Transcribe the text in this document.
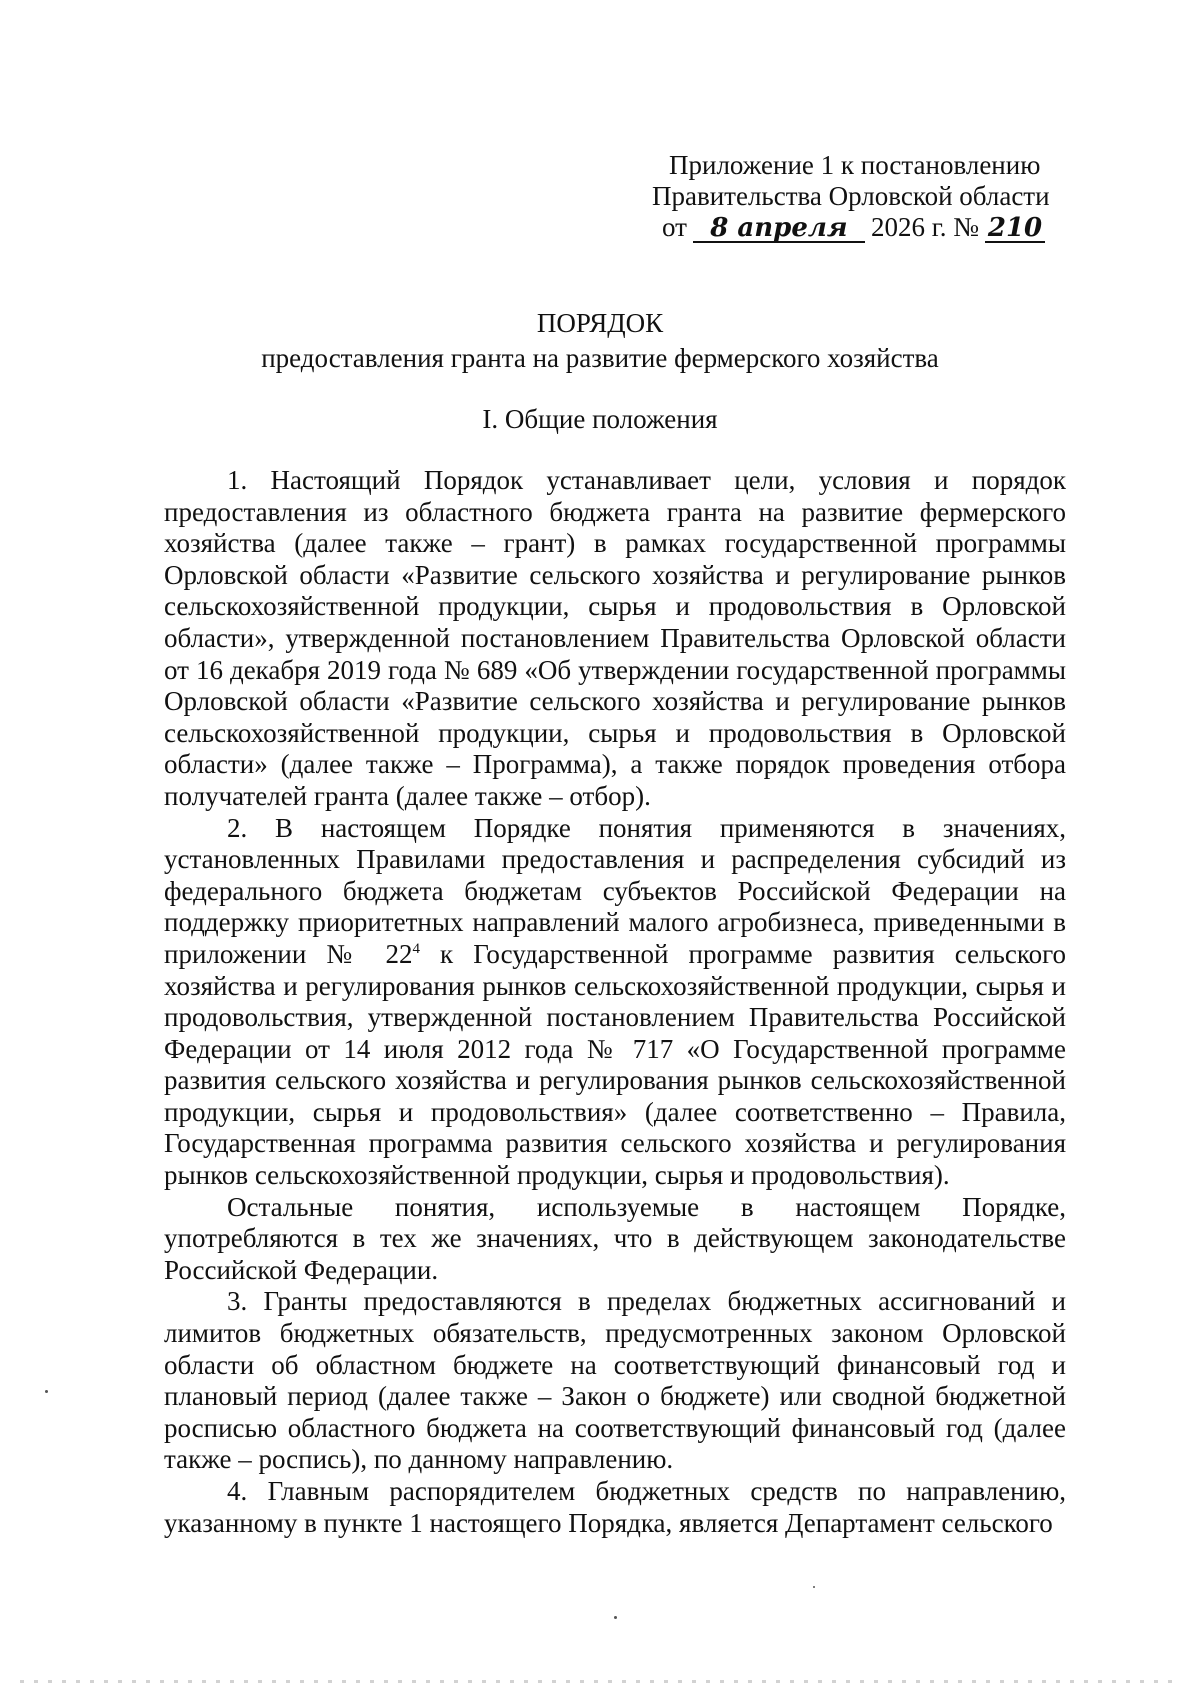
Приложение 1 к постановлению
Правительства Орловской области
от 8 апреля 2026 г. № 210
ПОРЯДОК
предоставления гранта на развитие фермерского хозяйства
I. Общие положения

1. Настоящий Порядок устанавливает цели, условия и порядок предоставления из областного бюджета гранта на развитие фермерского хозяйства (далее также – грант) в рамках государственной программы Орловской области «Развитие сельского хозяйства и регулирование рынков сельскохозяйственной продукции, сырья и продовольствия в Орловской области», утвержденной постановлением Правительства Орловской области от 16 декабря 2019 года № 689 «Об утверждении государственной программы Орловской области «Развитие сельского хозяйства и регулирование рынков сельскохозяйственной продукции, сырья и продовольствия в Орловской области» (далее также – Программа), а также порядок проведения отбора получателей гранта (далее также – отбор).

2. В настоящем Порядке понятия применяются в значениях, установленных Правилами предоставления и распределения субсидий из федерального бюджета бюджетам субъектов Российской Федерации на поддержку приоритетных направлений малого агробизнеса, приведенными в приложении № $22^4$ к Государственной программе развития сельского хозяйства и регулирования рынков сельскохозяйственной продукции, сырья и продовольствия, утвержденной постановлением Правительства Российской Федерации от 14 июля 2012 года № 717 «О Государственной программе развития сельского хозяйства и регулирования рынков сельскохозяйственной продукции, сырья и продовольствия» (далее соответственно – Правила, Государственная программа развития сельского хозяйства и регулирования рынков сельскохозяйственной продукции, сырья и продовольствия).

Остальные понятия, используемые в настоящем Порядке, употребляются в тех же значениях, что в действующем законодательстве Российской Федерации.

3. Гранты предоставляются в пределах бюджетных ассигнований и лимитов бюджетных обязательств, предусмотренных законом Орловской области об областном бюджете на соответствующий финансовый год и плановый период (далее также – Закон о бюджете) или сводной бюджетной росписью областного бюджета на соответствующий финансовый год (далее также – роспись), по данному направлению.

4. Главным распорядителем бюджетных средств по направлению, указанному в пункте 1 настоящего Порядка, является Департамент сельского
